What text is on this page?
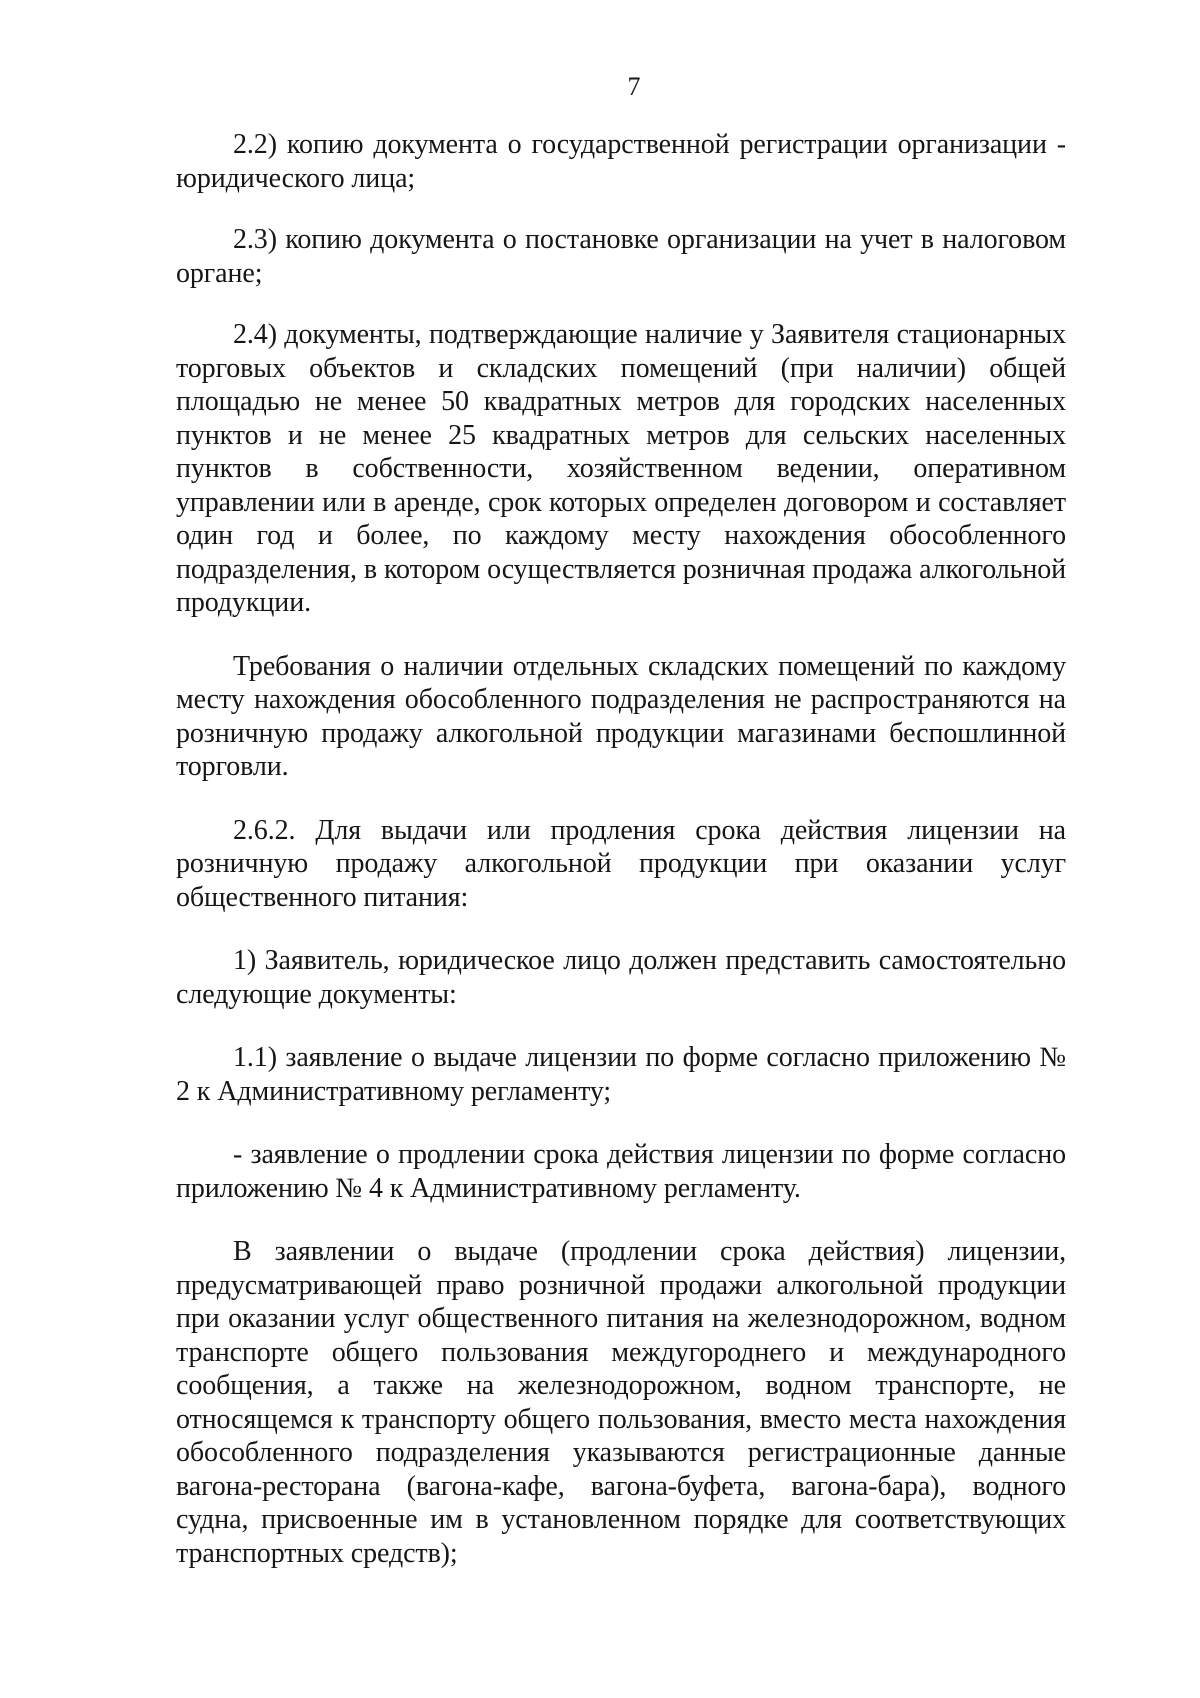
7

2.2) копию документа о государственной регистрации организации - юридического лица;

2.3) копию документа о постановке организации на учет в налоговом органе;

2.4) документы, подтверждающие наличие у Заявителя стационарных торговых объектов и складских помещений (при наличии) общей площадью не менее 50 квадратных метров для городских населенных пунктов и не менее 25 квадратных метров для сельских населенных пунктов в собственности, хозяйственном ведении, оперативном управлении или в аренде, срок которых определен договором и составляет один год и более, по каждому месту нахождения обособленного подразделения, в котором осуществляется розничная продажа алкогольной продукции.

Требования о наличии отдельных складских помещений по каждому месту нахождения обособленного подразделения не распространяются на розничную продажу алкогольной продукции магазинами беспошлинной торговли.

2.6.2. Для выдачи или продления срока действия лицензии на розничную продажу алкогольной продукции при оказании услуг общественного питания:

1) Заявитель, юридическое лицо должен представить самостоятельно следующие документы:

1.1) заявление о выдаче лицензии по форме согласно приложению № 2 к Административному регламенту;

- заявление о продлении срока действия лицензии по форме согласно приложению № 4 к Административному регламенту.

В заявлении о выдаче (продлении срока действия) лицензии, предусматривающей право розничной продажи алкогольной продукции при оказании услуг общественного питания на железнодорожном, водном транспорте общего пользования междугороднего и международного сообщения, а также на железнодорожном, водном транспорте, не относящемся к транспорту общего пользования, вместо места нахождения обособленного подразделения указываются регистрационные данные вагона-ресторана (вагона-кафе, вагона-буфета, вагона-бара), водного судна, присвоенные им в установленном порядке для соответствующих транспортных средств);
